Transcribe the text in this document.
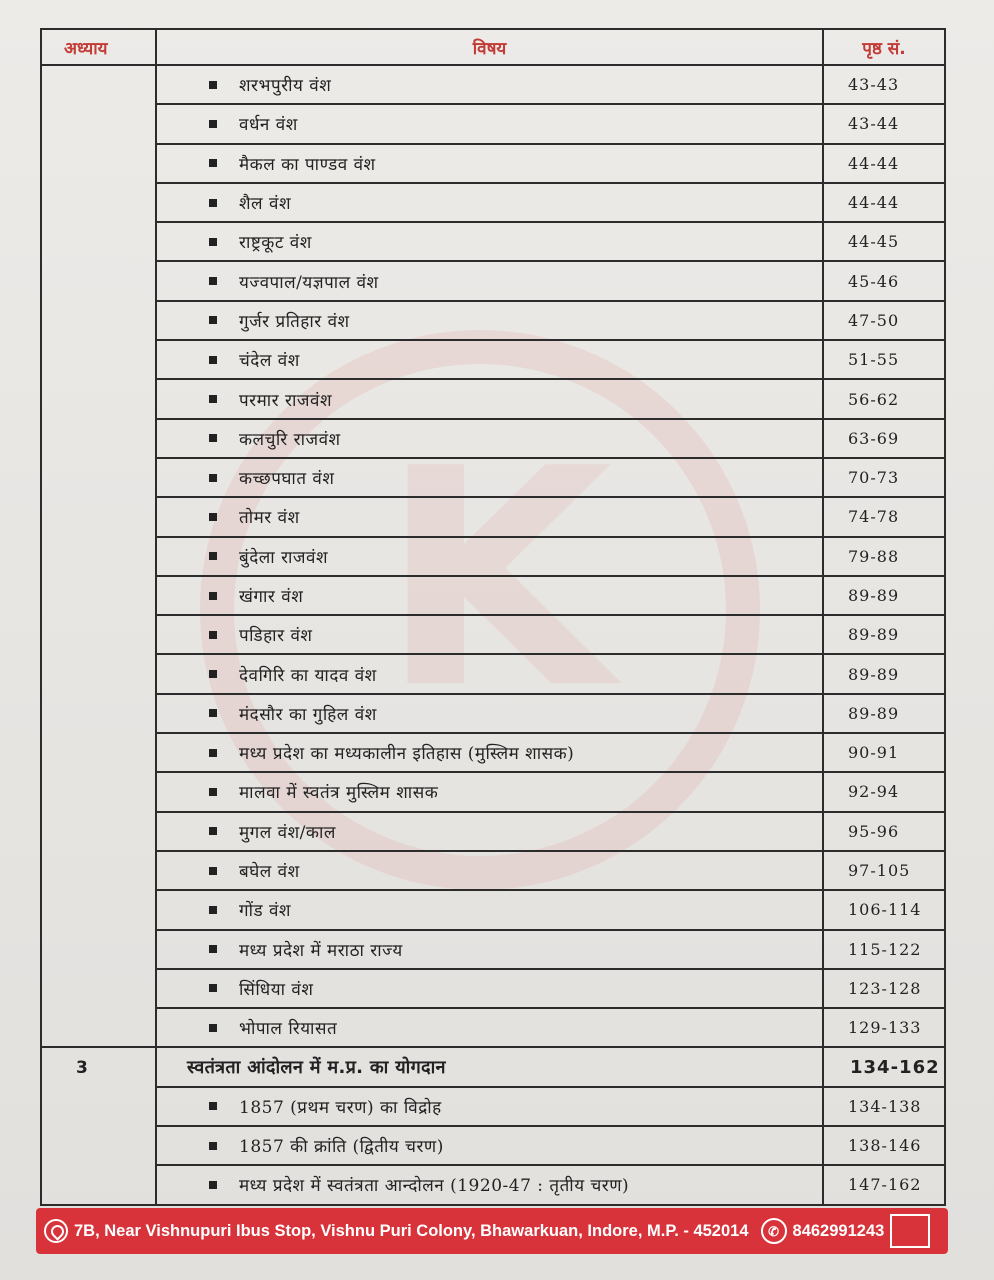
K
अध्याय	विषय	पृष्ठ सं.
	शरभपुरीय वंश	43-43
	वर्धन वंश	43-44
	मैकल का पाण्डव वंश	44-44
	शैल वंश	44-44
	राष्ट्रकूट वंश	44-45
	यज्वपाल/यज्ञपाल वंश	45-46
	गुर्जर प्रतिहार वंश	47-50
	चंदेल वंश	51-55
	परमार राजवंश	56-62
	कलचुरि राजवंश	63-69
	कच्छपघात वंश	70-73
	तोमर वंश	74-78
	बुंदेला राजवंश	79-88
	खंगार वंश	89-89
	पडिहार वंश	89-89
	देवगिरि का यादव वंश	89-89
	मंदसौर का गुहिल वंश	89-89
	मध्य प्रदेश का मध्यकालीन इतिहास (मुस्लिम शासक)	90-91
	मालवा में स्वतंत्र मुस्लिम शासक	92-94
	मुगल वंश/काल	95-96
	बघेल वंश	97-105
	गोंड वंश	106-114
	मध्य प्रदेश में मराठा राज्य	115-122
	सिंधिया वंश	123-128
	भोपाल रियासत	129-133
3	स्वतंत्रता आंदोलन में म.प्र. का योगदान	134-162
	1857 (प्रथम चरण) का विद्रोह	134-138
	1857 की क्रांति (द्वितीय चरण)	138-146
	मध्य प्रदेश में स्वतंत्रता आन्दोलन (1920-47 : तृतीय चरण)	147-162
7B, Near Vishnupuri Ibus Stop, Vishnu Puri Colony, Bhawarkuan, Indore, M.P. - 452014	✆ 8462991243
